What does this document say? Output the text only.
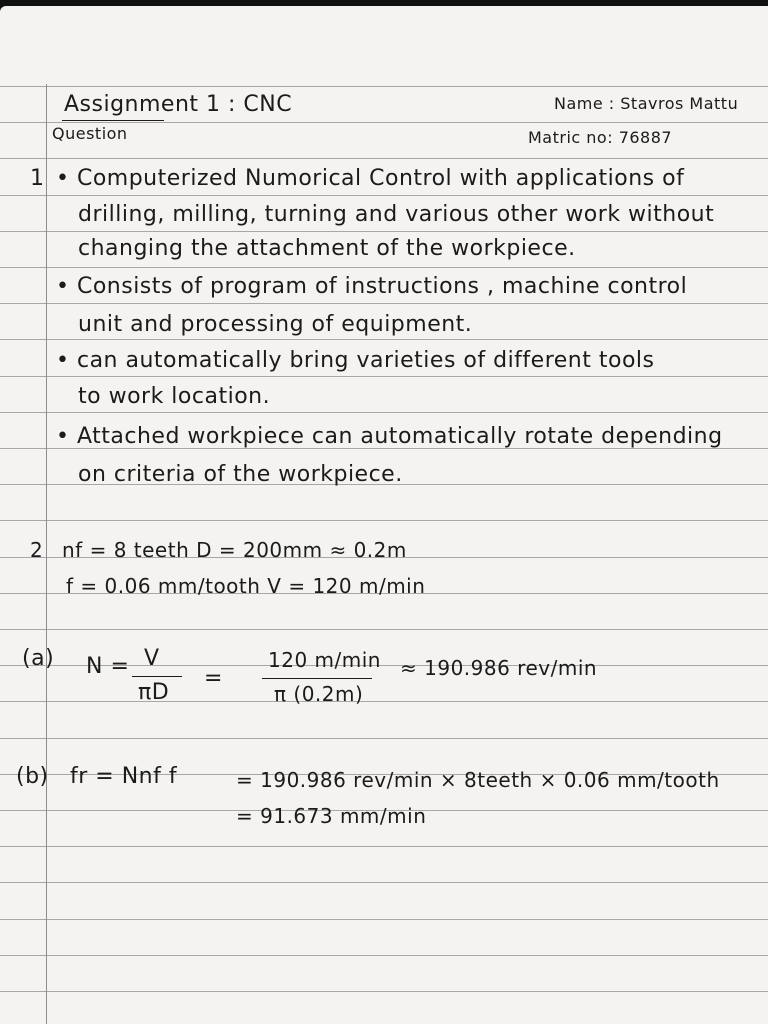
Assignment 1 : CNC
Question
Name : Stavros Mattu
Matric no: 76887
1 • Computerized Numorical Control with applications of
drilling, milling, turning and various other work without
changing the attachment of the workpiece.
• Consists of program of instructions , machine control
unit and processing of equipment.
• can automatically bring varieties of different tools
to work location.
• Attached workpiece can automatically rotate depending
on criteria of the workpiece.
2 nf = 8 teeth D = 200mm ≈ 0.2m
f = 0.06 mm/tooth V = 120 m/min
(a) N = V
πD
=
120 m/min
π (0.2m)
≈ 190.986 rev/min
(b) fr = Nnf f	= 190.986 rev/min × 8teeth × 0.06 mm/tooth
= 91.673 mm/min
